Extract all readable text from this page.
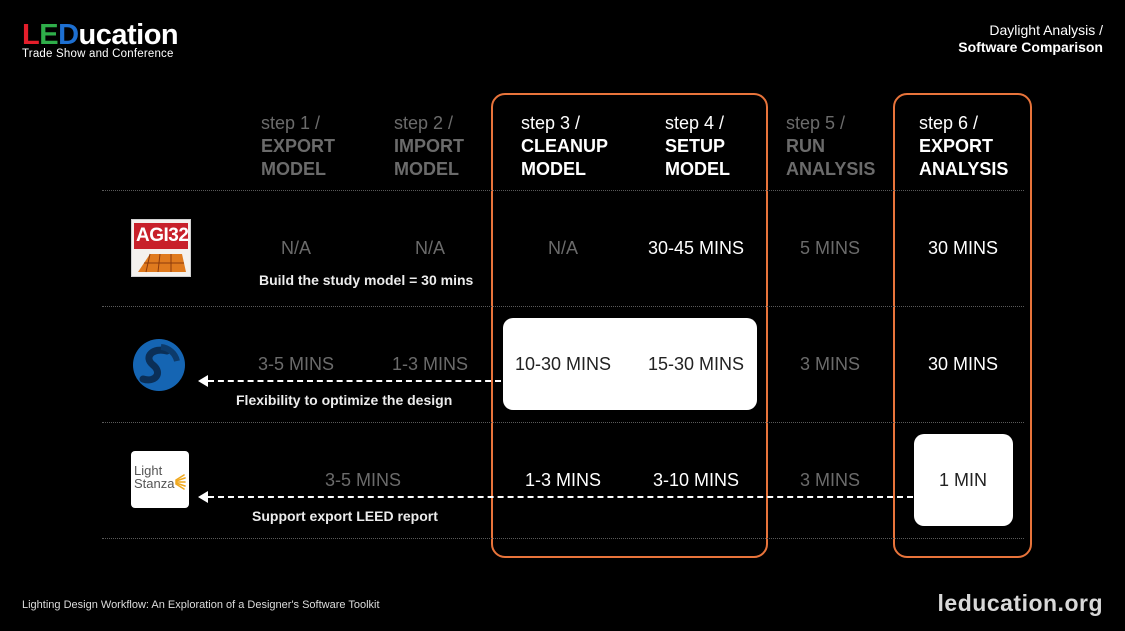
LEDucation
Trade Show and Conference
Daylight Analysis /
Software Comparison
step 1 /
EXPORT
MODEL
step 2 /
IMPORT
MODEL
step 3 /
CLEANUP
MODEL
step 4 /
SETUP
MODEL
step 5 /
RUN
ANALYSIS
step 6 /
EXPORT
ANALYSIS
AGI32
N/A	N/A	N/A	30-45 MINS	5 MINS	30 MINS
Build the study model = 30 mins
3-5 MINS	1-3 MINS	10-30 MINS	15-30 MINS	3 MINS	30 MINS
Flexibility to optimize the design
Light
Stanza	3-5 MINS	1-3 MINS	3-10 MINS	3 MINS	1 MIN
Support export LEED report
Lighting Design Workflow: An Exploration of a Designer's Software Toolkit	leducation.org
